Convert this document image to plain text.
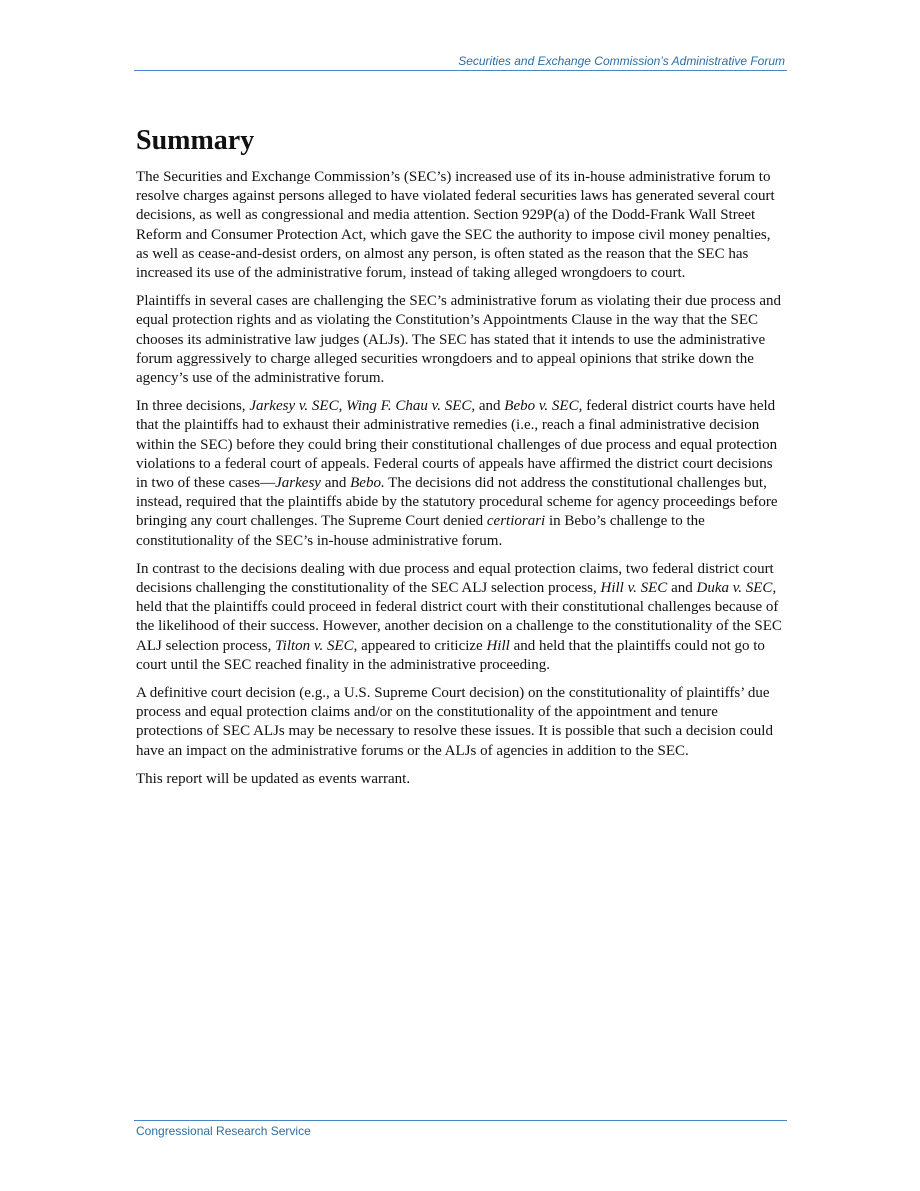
Securities and Exchange Commission’s Administrative Forum
Summary

The Securities and Exchange Commission’s (SEC’s) increased use of its in-house administrative forum to resolve charges against persons alleged to have violated federal securities laws has generated several court decisions, as well as congressional and media attention. Section 929P(a) of the Dodd-Frank Wall Street Reform and Consumer Protection Act, which gave the SEC the authority to impose civil money penalties, as well as cease-and-desist orders, on almost any person, is often stated as the reason that the SEC has increased its use of the administrative forum, instead of taking alleged wrongdoers to court.

Plaintiffs in several cases are challenging the SEC’s administrative forum as violating their due process and equal protection rights and as violating the Constitution’s Appointments Clause in the way that the SEC chooses its administrative law judges (ALJs). The SEC has stated that it intends to use the administrative forum aggressively to charge alleged securities wrongdoers and to appeal opinions that strike down the agency’s use of the administrative forum.

In three decisions, Jarkesy v. SEC, Wing F. Chau v. SEC, and Bebo v. SEC, federal district courts have held that the plaintiffs had to exhaust their administrative remedies (i.e., reach a final administrative decision within the SEC) before they could bring their constitutional challenges of due process and equal protection violations to a federal court of appeals. Federal courts of appeals have affirmed the district court decisions in two of these cases—Jarkesy and Bebo. The decisions did not address the constitutional challenges but, instead, required that the plaintiffs abide by the statutory procedural scheme for agency proceedings before bringing any court challenges. The Supreme Court denied certiorari in Bebo’s challenge to the constitutionality of the SEC’s in-house administrative forum.

In contrast to the decisions dealing with due process and equal protection claims, two federal district court decisions challenging the constitutionality of the SEC ALJ selection process, Hill v. SEC and Duka v. SEC, held that the plaintiffs could proceed in federal district court with their constitutional challenges because of the likelihood of their success. However, another decision on a challenge to the constitutionality of the SEC ALJ selection process, Tilton v. SEC, appeared to criticize Hill and held that the plaintiffs could not go to court until the SEC reached finality in the administrative proceeding.

A definitive court decision (e.g., a U.S. Supreme Court decision) on the constitutionality of plaintiffs’ due process and equal protection claims and/or on the constitutionality of the appointment and tenure protections of SEC ALJs may be necessary to resolve these issues. It is possible that such a decision could have an impact on the administrative forums or the ALJs of agencies in addition to the SEC.

This report will be updated as events warrant.

Congressional Research Service
